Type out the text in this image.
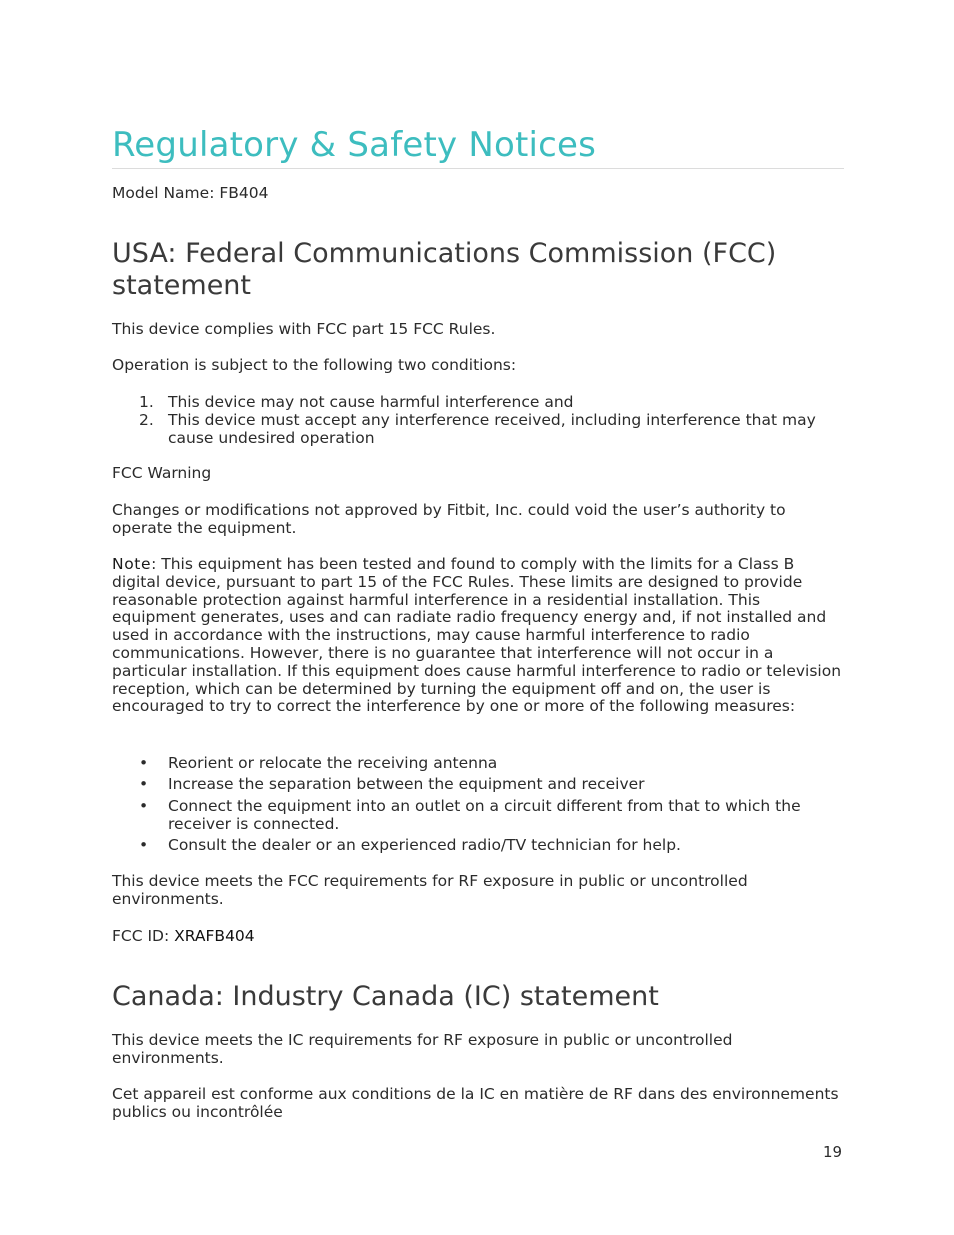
Regulatory & Safety Notices

Model Name: FB404

USA: Federal Communications Commission (FCC) statement

This device complies with FCC part 15 FCC Rules.

Operation is subject to the following two conditions:

1. This device may not cause harmful interference and
2. This device must accept any interference received, including interference that may cause undesired operation

FCC Warning

Changes or modifications not approved by Fitbit, Inc. could void the user’s authority to operate the equipment.

Note: This equipment has been tested and found to comply with the limits for a Class B digital device, pursuant to part 15 of the FCC Rules. These limits are designed to provide reasonable protection against harmful interference in a residential installation. This equipment generates, uses and can radiate radio frequency energy and, if not installed and used in accordance with the instructions, may cause harmful interference to radio communications. However, there is no guarantee that interference will not occur in a particular installation. If this equipment does cause harmful interference to radio or television reception, which can be determined by turning the equipment off and on, the user is encouraged to try to correct the interference by one or more of the following measures:

• Reorient or relocate the receiving antenna
• Increase the separation between the equipment and receiver
• Connect the equipment into an outlet on a circuit different from that to which the receiver is connected.
• Consult the dealer or an experienced radio/TV technician for help.

This device meets the FCC requirements for RF exposure in public or uncontrolled environments.

FCC ID: XRAFB404

Canada: Industry Canada (IC) statement

This device meets the IC requirements for RF exposure in public or uncontrolled environments.

Cet appareil est conforme aux conditions de la IC en matière de RF dans des environnements publics ou incontrôlée

19
